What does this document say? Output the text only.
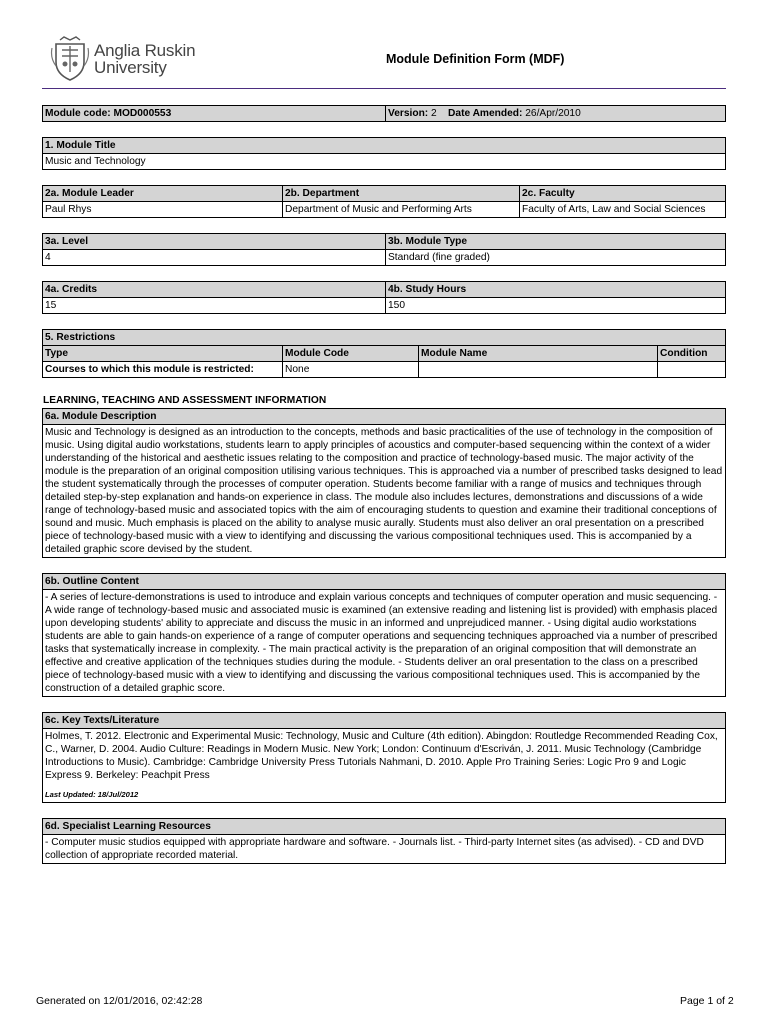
Anglia Ruskin
University	Module Definition Form (MDF)
Module code: MOD000553	Version: 2 Date Amended: 26/Apr/2010
1. Module Title
Music and Technology
2a. Module Leader	2b. Department	2c. Faculty
Paul Rhys	Department of Music and Performing Arts	Faculty of Arts, Law and Social Sciences
3a. Level	3b. Module Type
4	Standard (fine graded)
4a. Credits	4b. Study Hours
15	150
5. Restrictions			
Type	Module Code	Module Name	Condition
Courses to which this module is restricted:	None		
LEARNING, TEACHING AND ASSESSMENT INFORMATION
6a. Module Description
Music and Technology is designed as an introduction to the concepts, methods and basic practicalities of the use of technology in the composition of music. Using digital audio workstations, students learn to apply principles of acoustics and computer-based sequencing within the context of a wider understanding of the historical and aesthetic issues relating to the composition and practice of technology-based music. The major activity of the module is the preparation of an original composition utilising various techniques. This is approached via a number of prescribed tasks designed to lead the student systematically through the processes of computer operation. Students become familiar with a range of musics and techniques through detailed step-by-step explanation and hands-on experience in class. The module also includes lectures, demonstrations and discussions of a wide range of technology-based music and associated topics with the aim of encouraging students to question and examine their traditional conceptions of sound and music. Much emphasis is placed on the ability to analyse music aurally. Students must also deliver an oral presentation on a prescribed piece of technology-based music with a view to identifying and discussing the various compositional techniques used. This is accompanied by a detailed graphic score devised by the student.
6b. Outline Content
- A series of lecture-demonstrations is used to introduce and explain various concepts and techniques of computer operation and music sequencing. - A wide range of technology-based music and associated music is examined (an extensive reading and listening list is provided) with emphasis placed upon developing students' ability to appreciate and discuss the music in an informed and unprejudiced manner. - Using digital audio workstations students are able to gain hands-on experience of a range of computer operations and sequencing techniques approached via a number of prescribed tasks that systematically increase in complexity. - The main practical activity is the preparation of an original composition that will demonstrate an effective and creative application of the techniques studies during the module. - Students deliver an oral presentation to the class on a prescribed piece of technology-based music with a view to identifying and discussing the various compositional techniques used. This is accompanied by the construction of a detailed graphic score.
6c. Key Texts/Literature

Holmes, T. 2012. Electronic and Experimental Music: Technology, Music and Culture (4th edition). Abingdon: Routledge Recommended Reading Cox, C., Warner, D. 2004. Audio Culture: Readings in Modern Music. New York; London: Continuum d'Escriván, J. 2011. Music Technology (Cambridge Introductions to Music). Cambridge: Cambridge University Press Tutorials Nahmani, D. 2010. Apple Pro Training Series: Logic Pro 9 and Logic Express 9. Berkeley: Peachpit Press
Last Updated: 18/Jul/2012
6d. Specialist Learning Resources
- Computer music studios equipped with appropriate hardware and software. - Journals list. - Third-party Internet sites (as advised). - CD and DVD collection of appropriate recorded material.
Generated on 12/01/2016, 02:42:28	Page 1 of 2
